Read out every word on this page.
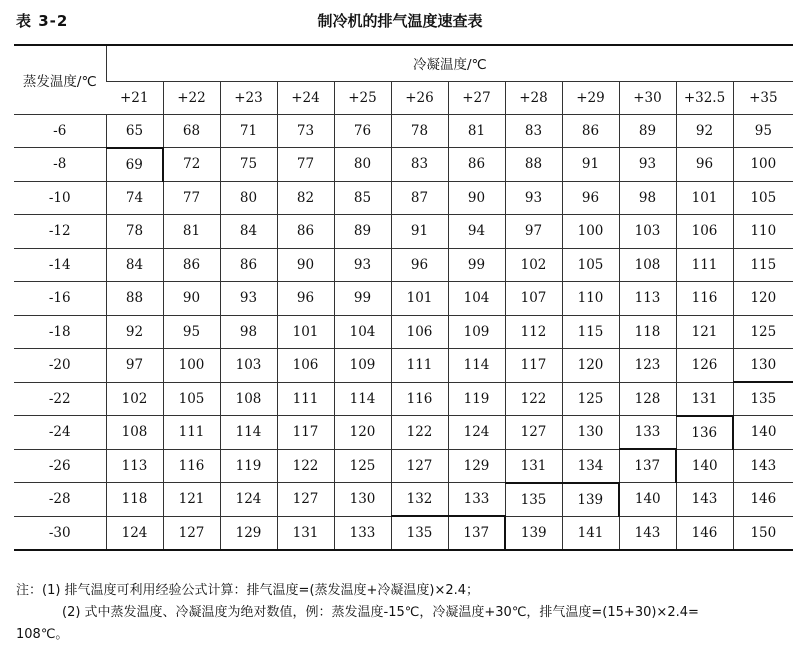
表 3-2	制冷机的排气温度速查表
蒸发温度/℃	冷凝温度/℃											
	+21	+22	+23	+24	+25	+26	+27	+28	+29	+30	+32.5	+35
-6	65	68	71	73	76	78	81	83	86	89	92	95
-8	69	72	75	77	80	83	86	88	91	93	96	100
-10	74	77	80	82	85	87	90	93	96	98	101	105
-12	78	81	84	86	89	91	94	97	100	103	106	110
-14	84	86	86	90	93	96	99	102	105	108	111	115
-16	88	90	93	96	99	101	104	107	110	113	116	120
-18	92	95	98	101	104	106	109	112	115	118	121	125
-20	97	100	103	106	109	111	114	117	120	123	126	130
-22	102	105	108	111	114	116	119	122	125	128	131	135
-24	108	111	114	117	120	122	124	127	130	133	136	140
-26	113	116	119	122	125	127	129	131	134	137	140	143
-28	118	121	124	127	130	132	133	135	139	140	143	146
-30	124	127	129	131	133	135	137	139	141	143	146	150
注：(1) 排气温度可利用经验公式计算：排气温度=(蒸发温度+冷凝温度)×2.4；
(2) 式中蒸发温度、冷凝温度为绝对数值，例：蒸发温度-15℃，冷凝温度+30℃，排气温度=(15+30)×2.4=
108℃。
